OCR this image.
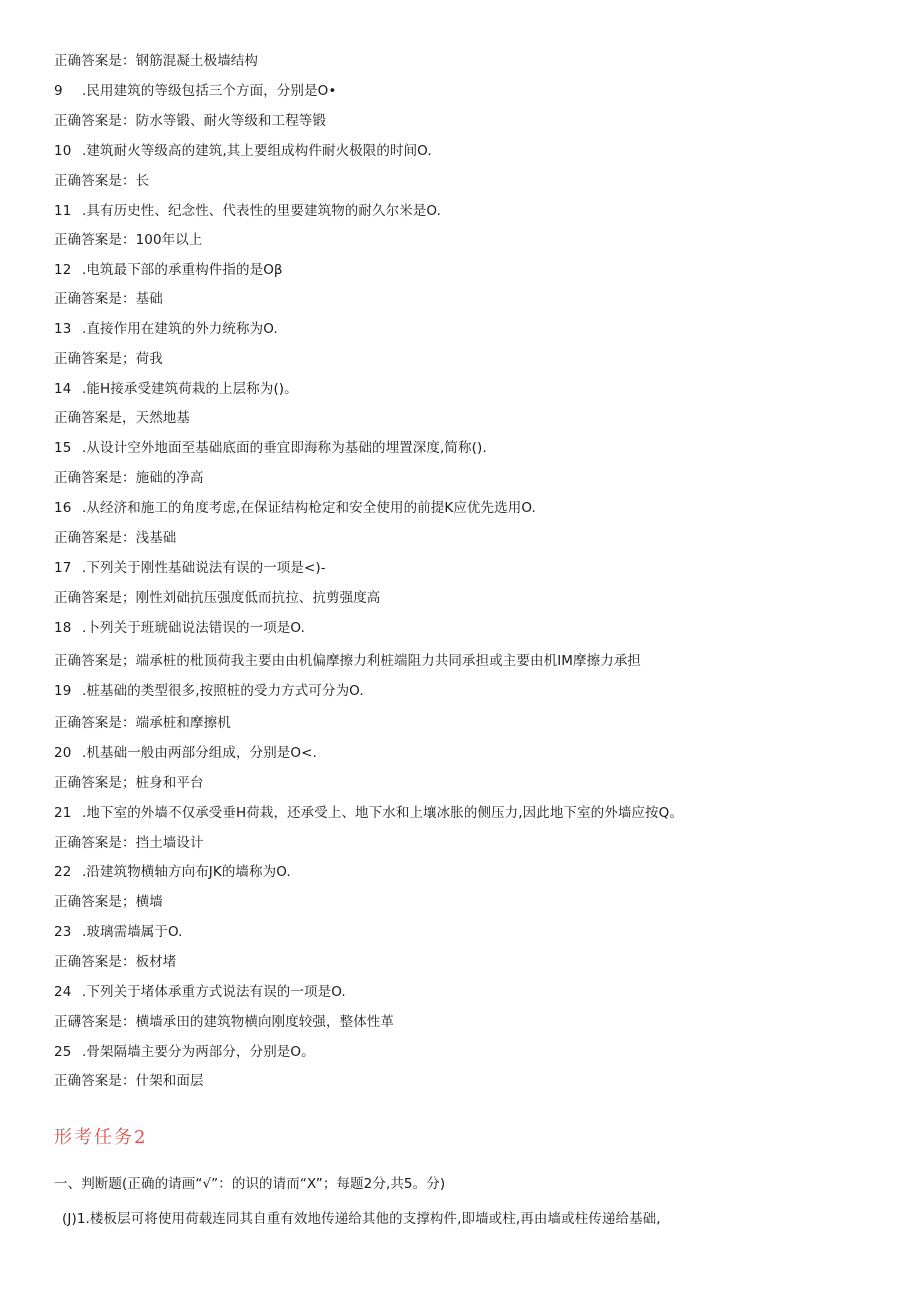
正确答案是：钢筋混凝土极墙结构
9 .民用建筑的等级包括三个方面，分别是O•
正确答案是：防水等锻、耐火等级和工程等锻
10 .建筑耐火等级高的建筑,其上要组成构件耐火极限的时间O.
正确答案是：长
11 .具有历史性、纪念性、代表性的里要建筑物的耐久尔米是O.
正确答案是：100年以上
12 .电筑最下部的承重构件指的是Oβ
正确答案是：基础
13 .直接作用在建筑的外力统称为O.
正确答案是；荷我
14 .能H接承受建筑荷栽的上层称为()。
正确答案是，天然地基
15 .从设计空外地面至基础底面的垂宜即海称为基础的埋置深度,简称().
正确答案是：施础的净高
16 .从经济和施工的角度考虑,在保证结构枪定和安全使用的前提K应优先选用O.
正确答案是：浅基础
17 .下列关于刚性基础说法有误的一项是<)-
正确答案是；刚性刘础抗压强度低而抗拉、抗剪强度高
18 .卜列关于班琥础说法错误的一项是O.
正确答案是；端承桩的枇顶荷我主要由由机偏摩擦力利桩端阻力共同承担或主要由机IM摩擦力承担
19 .桩基础的类型很多,按照桩的受力方式可分为O.
正确答案是：端承桩和摩擦机
20 .机基础一般由两部分组成，分别是O<.
正确答案是；桩身和平台
21 .地下室的外墙不仅承受垂H荷栽，还承受上、地下水和上壤冰胀的侧压力,因此地下室的外墙应按Q。
正确答案是：挡土墙设计
22 .沿建筑物横轴方向布JK的墙称为O.
正确答案是；横墙
23 .玻璃需墙属于O.
正确答案是：板材堵
24 .下列关于堵体承重方式说法有误的一项是O.
正礴答案是：横墙承田的建筑物横向刚度较强，整体性革
25 .骨架隔墙主要分为两部分，分别是O。
正确答案是：什架和面层
形考任务2
一、判断题(正确的请画“√”：的识的请而“X”；每题2分,共5。分)
(J)1.楼板层可将使用荷载连同其自重有效地传递给其他的支撑构件,即墙或柱,再由墙或柱传递给基础,
